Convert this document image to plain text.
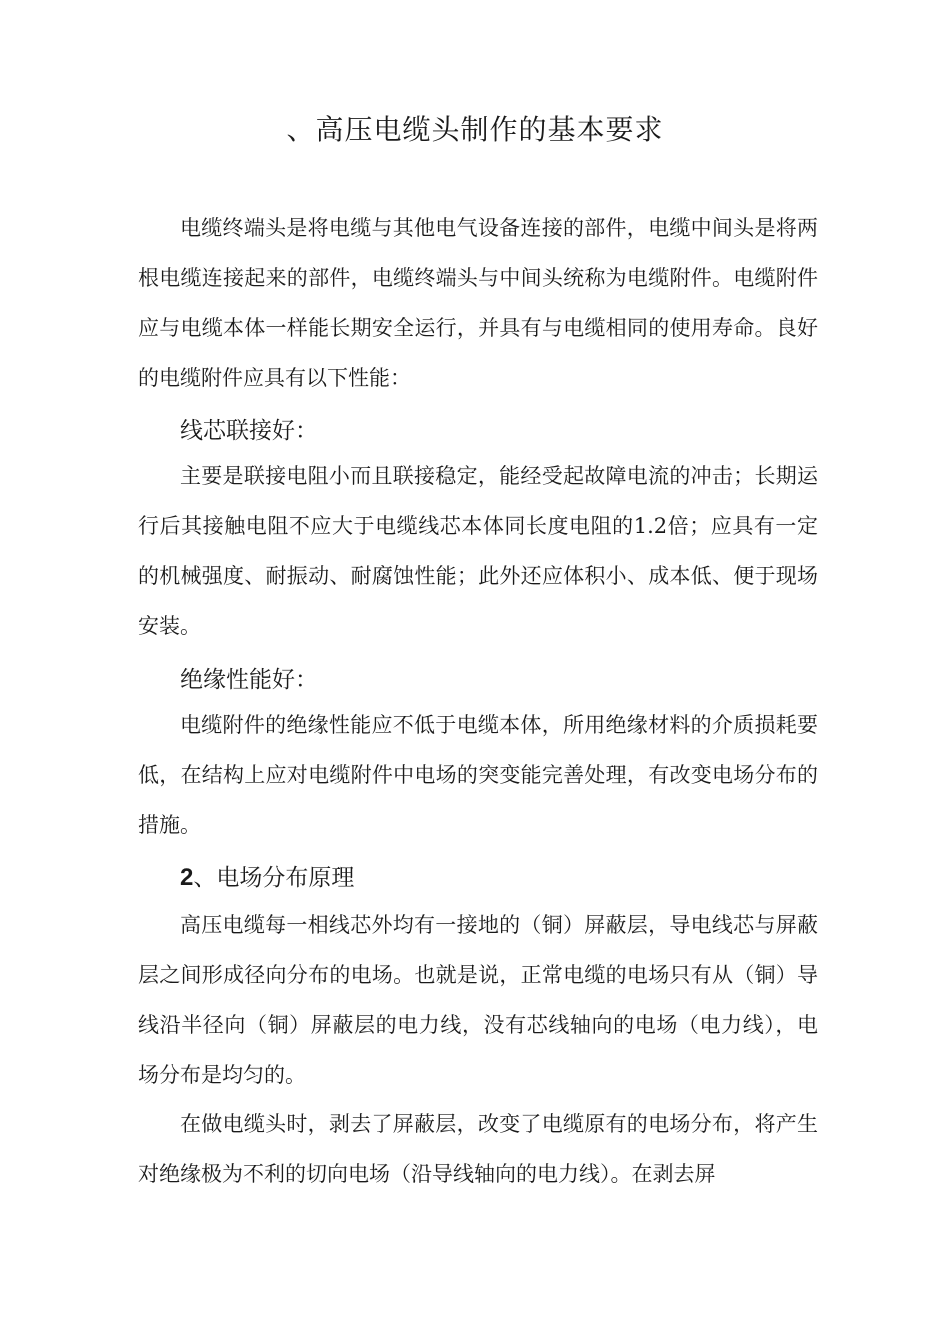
、高压电缆头制作的基本要求

电缆终端头是将电缆与其他电气设备连接的部件，电缆中间头是将两根电缆连接起来的部件，电缆终端头与中间头统称为电缆附件。电缆附件应与电缆本体一样能长期安全运行，并具有与电缆相同的使用寿命。良好的电缆附件应具有以下性能：

线芯联接好：

主要是联接电阻小而且联接稳定，能经受起故障电流的冲击；长期运行后其接触电阻不应大于电缆线芯本体同长度电阻的1.2倍；应具有一定的机械强度、耐振动、耐腐蚀性能；此外还应体积小、成本低、便于现场安装。

绝缘性能好：

电缆附件的绝缘性能应不低于电缆本体，所用绝缘材料的介质损耗要低，在结构上应对电缆附件中电场的突变能完善处理，有改变电场分布的措施。

2、电场分布原理

高压电缆每一相线芯外均有一接地的（铜）屏蔽层，导电线芯与屏蔽层之间形成径向分布的电场。也就是说，正常电缆的电场只有从（铜）导线沿半径向（铜）屏蔽层的电力线，没有芯线轴向的电场（电力线），电场分布是均匀的。

在做电缆头时，剥去了屏蔽层，改变了电缆原有的电场分布，将产生对绝缘极为不利的切向电场（沿导线轴向的电力线）。在剥去屏
